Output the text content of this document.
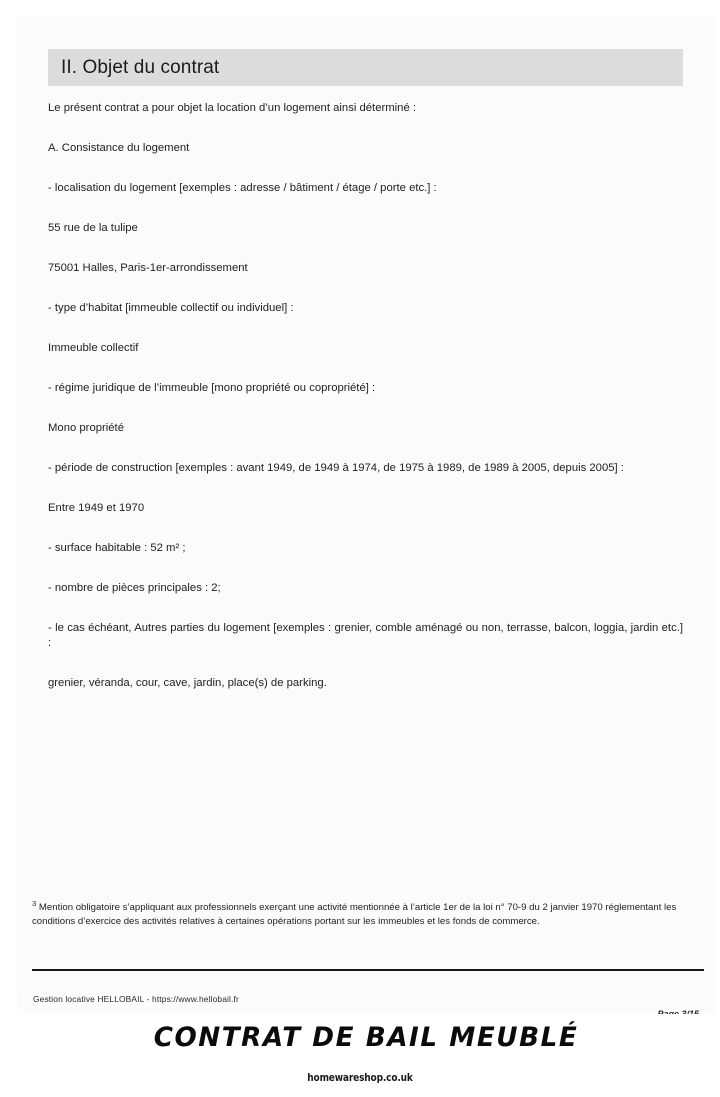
II. Objet du contrat

Le présent contrat a pour objet la location d’un logement ainsi déterminé :

A. Consistance du logement

- localisation du logement [exemples : adresse / bâtiment / étage / porte etc.] :

55 rue de la tulipe

75001 Halles, Paris-1er-arrondissement

- type d’habitat [immeuble collectif ou individuel] :

Immeuble collectif

- régime juridique de l’immeuble [mono propriété ou copropriété] :

Mono propriété

- période de construction [exemples : avant 1949, de 1949 à 1974, de 1975 à 1989, de 1989 à 2005, depuis 2005] :

Entre 1949 et 1970

- surface habitable : 52 m² ;

- nombre de pièces principales : 2;

- le cas échéant, Autres parties du logement [exemples : grenier, comble aménagé ou non, terrasse, balcon, loggia, jardin etc.] :

grenier, véranda, cour, cave, jardin, place(s) de parking.

$^3$ Mention obligatoire s’appliquant aux professionnels exerçant une activité mentionnée à l’article 1er de la loi n° 70-9 du 2 janvier 1970 réglementant les conditions d’exercice des activités relatives à certaines opérations portant sur les immeubles et les fonds de commerce.
Gestion locative HELLOBAIL - https://www.hellobail.fr
CONTRAT DE BAIL MEUBLÉ
homewareshop.co.uk
